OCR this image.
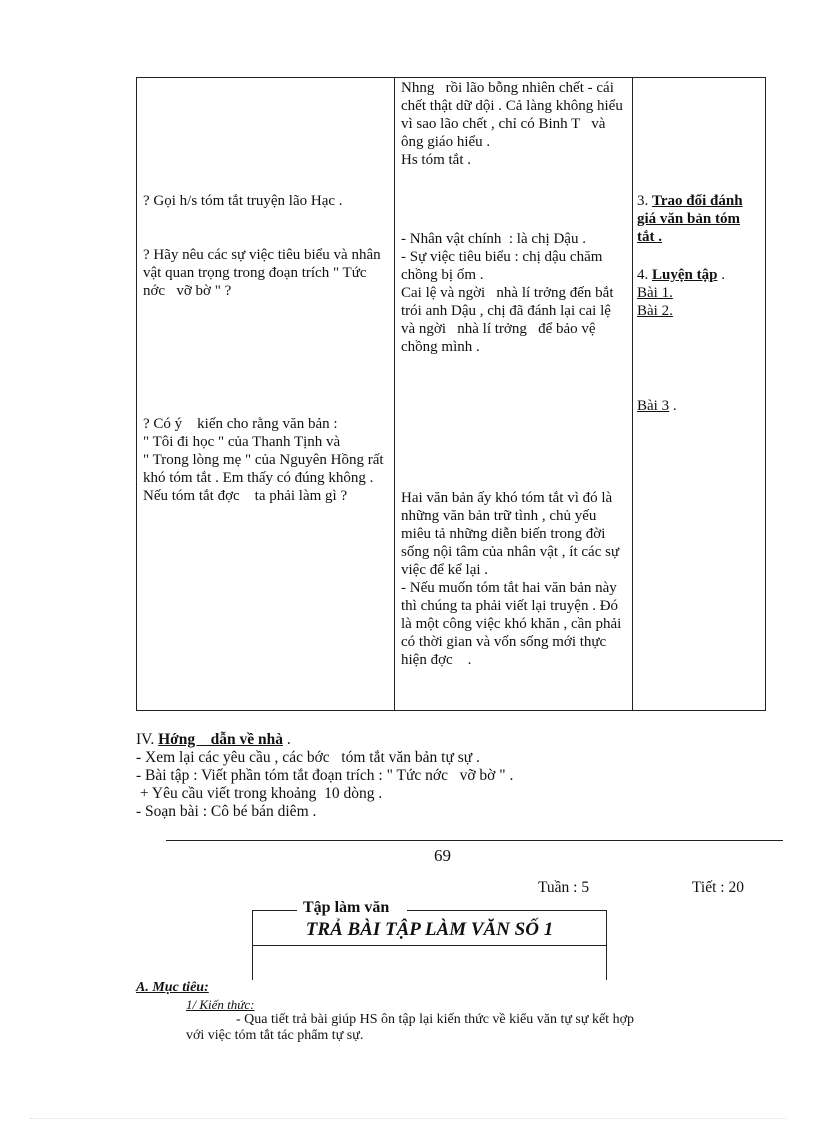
? Gọi h/s tóm tắt truyện lão Hạc .
? Hãy nêu các sự việc tiêu biểu và nhân vật quan trọng trong đoạn trích " Tức nớc   vỡ bờ " ?
? Có ý    kiến cho rằng văn bản :
" Tôi đi học " của Thanh Tịnh và
" Trong lòng mẹ " của Nguyên Hồng rất khó tóm tắt . Em thấy có đúng không . Nếu tóm tắt đợc    ta phải làm gì ?
Nhng   rồi lão bỗng nhiên chết - cái chết thật dữ dội . Cả làng không hiểu vì sao lão chết , chỉ có Binh T   và ông giáo hiểu .
Hs tóm tắt .
- Nhân vật chính  : là chị Dậu .
- Sự việc tiêu biểu : chị dậu chăm chồng bị ốm .
Cai lệ và ngời   nhà lí trởng đến bắt trói anh Dậu , chị đã đánh lại cai lệ và ngời   nhà lí trởng   để bảo vệ chồng mình .
Hai văn bản ấy khó tóm tắt vì đó là những văn bản trữ tình , chủ yếu miêu tả những diễn biến trong đời sống nội tâm của nhân vật , ít các sự việc để kể lại .
- Nếu muốn tóm tắt hai văn bản này thì chúng ta phải viết lại truyện . Đó là một công việc khó khăn , cần phải có thời gian và vốn sống mới thực hiện đợc    .
3. Trao đổi đánh giá văn bản tóm tắt .
4. Luyện tập .
Bài 1.
Bài 2.
Bài 3 .
IV. Hớng    dẫn về nhà .
- Xem lại các yêu cầu , các bớc   tóm tắt văn bản tự sự .
- Bài tập : Viết phần tóm tắt đoạn trích : " Tức nớc   vỡ bờ " .
+ Yêu cầu viết trong khoảng  10 dòng .
- Soạn bài : Cô bé bán diêm .
69
Tuần : 5	Tiết : 20
Tập làm văn
TRẢ BÀI TẬP LÀM VĂN SỐ 1
A. Mục tiêu:
1/ Kiến thức:
- Qua tiết trả bài giúp HS ôn tập lại kiến thức về kiểu văn tự sự kết hợp
với việc tóm tắt tác phẩm tự sự.
